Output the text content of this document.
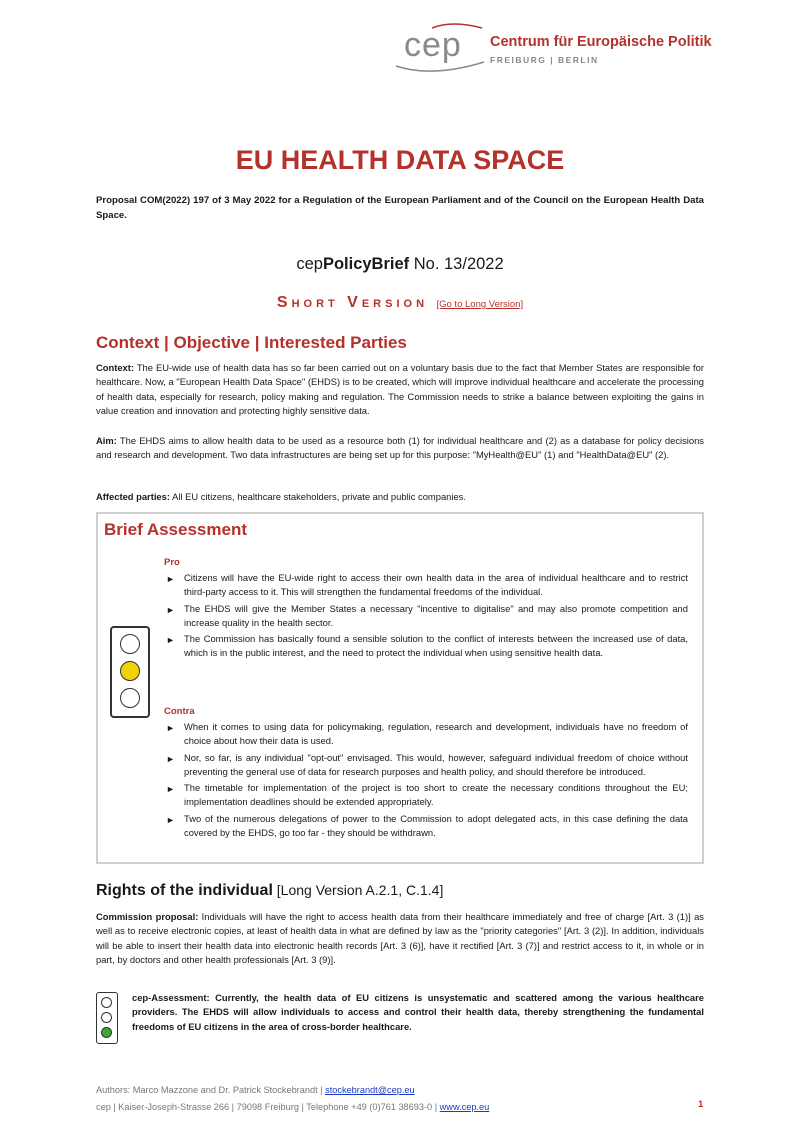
cep Centrum für Europäische Politik
FREIBURG | BERLIN
EU HEALTH DATA SPACE
Proposal COM(2022) 197 of 3 May 2022 for a Regulation of the European Parliament and of the Council on the European Health Data Space.
cepPolicyBrief No. 13/2022
Short Version [Go to Long Version]
Context | Objective | Interested Parties
Context: The EU-wide use of health data has so far been carried out on a voluntary basis due to the fact that Member States are responsible for healthcare. Now, a "European Health Data Space" (EHDS) is to be created, which will improve individual healthcare and accelerate the processing of health data, especially for research, policy making and regulation. The Commission needs to strike a balance between exploiting the gains in value creation and innovation and protecting highly sensitive data.
Aim: The EHDS aims to allow health data to be used as a resource both (1) for individual healthcare and (2) as a database for policy decisions and research and development. Two data infrastructures are being set up for this purpose: "MyHealth@EU" (1) and "HealthData@EU" (2).
Affected parties: All EU citizens, healthcare stakeholders, private and public companies.
Brief Assessment
Pro
► Citizens will have the EU-wide right to access their own health data in the area of individual healthcare and to restrict third-party access to it. This will strengthen the fundamental freedoms of the individual.
► The EHDS will give the Member States a necessary "incentive to digitalise" and may also promote competition and increase quality in the health sector.
► The Commission has basically found a sensible solution to the conflict of interests between the increased use of data, which is in the public interest, and the need to protect the individual when using sensitive health data.
Contra
► When it comes to using data for policymaking, regulation, research and development, individuals have no freedom of choice about how their data is used.
► Nor, so far, is any individual "opt-out" envisaged. This would, however, safeguard individual freedom of choice without preventing the general use of data for research purposes and health policy, and should therefore be introduced.
► The timetable for implementation of the project is too short to create the necessary conditions throughout the EU; implementation deadlines should be extended appropriately.
► Two of the numerous delegations of power to the Commission to adopt delegated acts, in this case defining the data covered by the EHDS, go too far - they should be withdrawn.
Rights of the individual [Long Version A.2.1, C.1.4]
Commission proposal: Individuals will have the right to access health data from their healthcare immediately and free of charge [Art. 3 (1)] as well as to receive electronic copies, at least of health data in what are defined by law as the "priority categories" [Art. 3 (2)]. In addition, individuals will be able to insert their health data into electronic health records [Art. 3 (6)], have it rectified [Art. 3 (7)] and restrict access to it, in whole or in part, by doctors and other health professionals [Art. 3 (9)].
cep-Assessment: Currently, the health data of EU citizens is unsystematic and scattered among the various healthcare providers. The EHDS will allow individuals to access and control their health data, thereby strengthening the fundamental freedoms of EU citizens in the area of cross-border healthcare.
Authors: Marco Mazzone and Dr. Patrick Stockebrandt | stockebrandt@cep.eu
cep | Kaiser-Joseph-Strasse 266 | 79098 Freiburg | Telephone +49 (0)761 38693-0 | www.cep.eu	1
